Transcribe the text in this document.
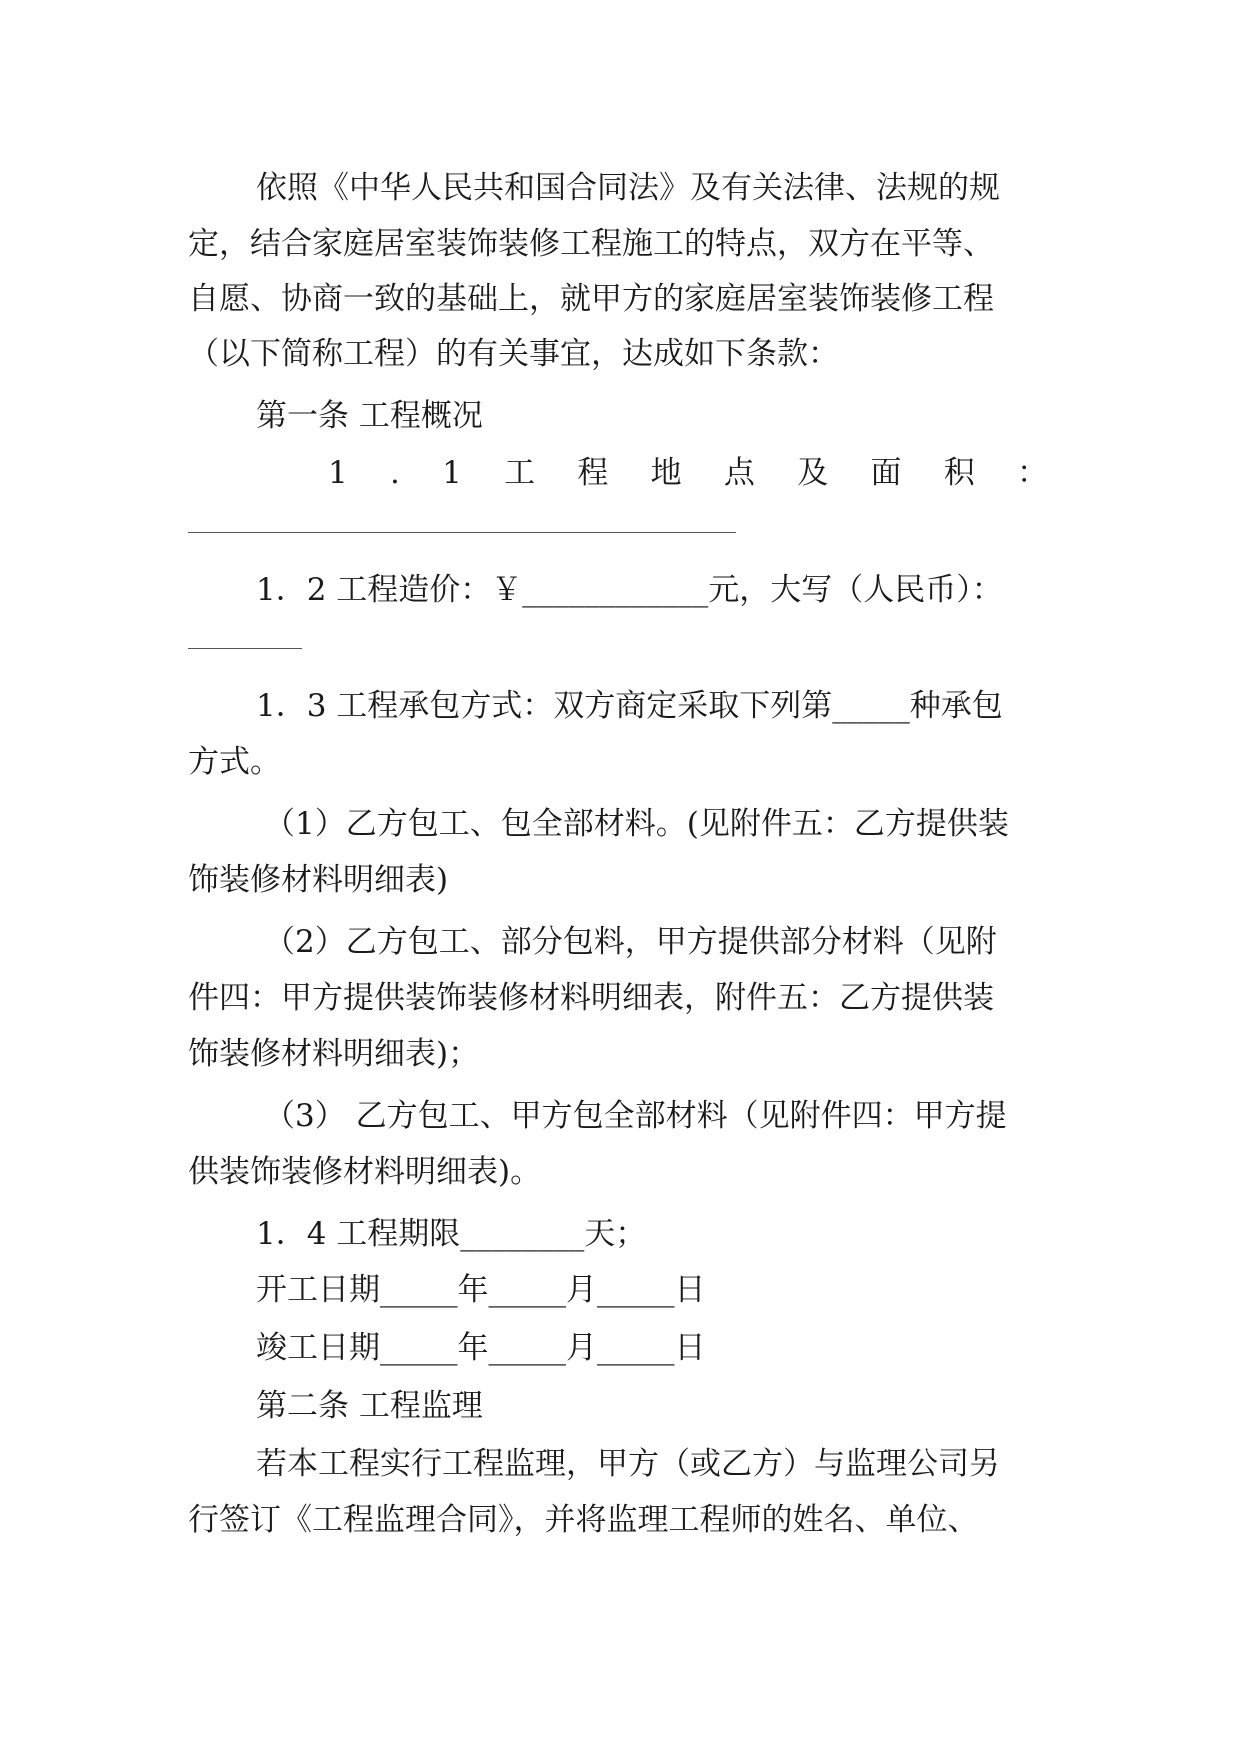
依照《中华人民共和国合同法》及有关法律、法规的规
定，结合家庭居室装饰装修工程施工的特点，双方在平等、
自愿、协商一致的基础上，就甲方的家庭居室装饰装修工程
（以下简称工程）的有关事宜，达成如下条款：
第一条 工程概况
1 . 1 工 程 地 点 及 面 积 ：
1．2 工程造价：￥____________元，大写（人民币）：
1．3 工程承包方式：双方商定采取下列第_____种承包
方式。
（1）乙方包工、包全部材料。(见附件五：乙方提供装
饰装修材料明细表)
（2）乙方包工、部分包料，甲方提供部分材料（见附
件四：甲方提供装饰装修材料明细表，附件五：乙方提供装
饰装修材料明细表)；
（3） 乙方包工、甲方包全部材料（见附件四：甲方提
供装饰装修材料明细表)。
1．4 工程期限________天；
开工日期_____年_____月_____日
竣工日期_____年_____月_____日
第二条 工程监理
若本工程实行工程监理，甲方（或乙方）与监理公司另
行签订《工程监理合同》，并将监理工程师的姓名、单位、
